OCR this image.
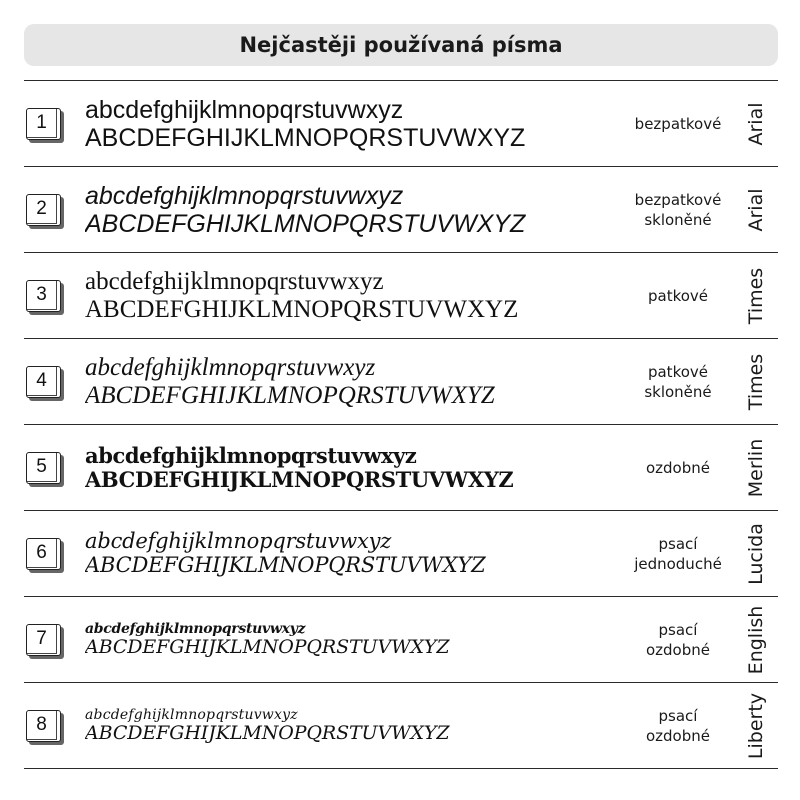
Nejčastěji používaná písma
1	abcdefghijklmnopqrstuvwxyz
ABCDEFGHIJKLMNOPQRSTUVWXYZ
bezpatkové	Arial
2	abcdefghijklmnopqrstuvwxyz
ABCDEFGHIJKLMNOPQRSTUVWXYZ
bezpatkové
skloněné	Arial
3	abcdefghijklmnopqrstuvwxyz
ABCDEFGHIJKLMNOPQRSTUVWXYZ
patkové	Times
4	abcdefghijklmnopqrstuvwxyz
ABCDEFGHIJKLMNOPQRSTUVWXYZ
patkové
skloněné	Times
5	abcdefghijklmnopqrstuvwxyz
ABCDEFGHIJKLMNOPQRSTUVWXYZ	ozdobné	Merlin
6	abcdefghijklmnopqrstuvwxyz
ABCDEFGHIJKLMNOPQRSTUVWXYZ
psací
jednoduché	Lucida
7	abcdefghijklmnopqrstuvwxyz
ABCDEFGHIJKLMNOPQRSTUVWXYZ
psací
ozdobné	English
8	abcdefghijklmnopqrstuvwxyz
ABCDEFGHIJKLMNOPQRSTUVWXYZ
psací
ozdobné	Liberty
